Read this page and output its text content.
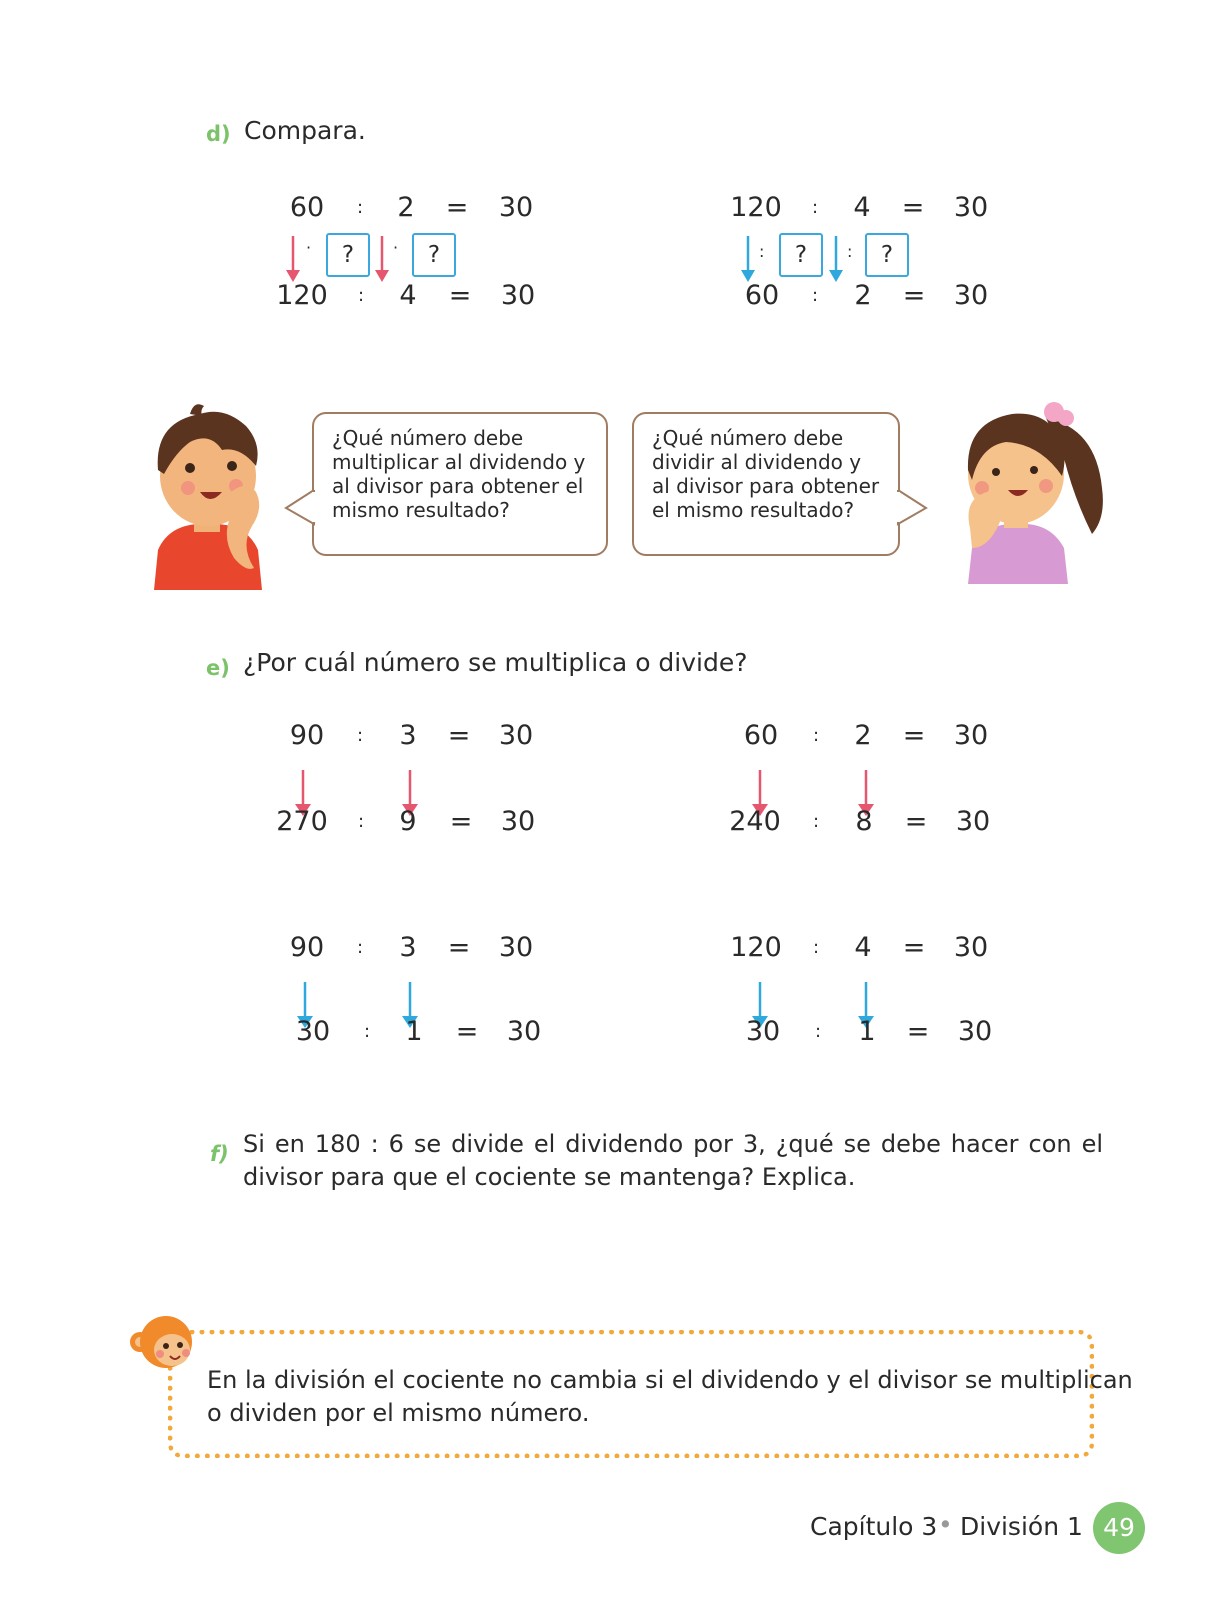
d) Compara.
60	: 2 = 30
·	?	·	?
120	: 4 = 30
120	: 4 = 30
:	?	:	?
60	: 2 = 30
¿Qué número debe
multiplicar al dividendo y
al divisor para obtener el
mismo resultado?
¿Qué número debe
dividir al dividendo y
al divisor para obtener
el mismo resultado?
e) ¿Por cuál número se multiplica o divide?
90	: 3 = 30
270	: 9 = 30
60	: 2 = 30
240	: 8 = 30
90	: 3 = 30
30	: 1 = 30
120	: 4 = 30
30	: 1 = 30
f) Si en 180 : 6 se divide el dividendo por 3, ¿qué se debe hacer con el
divisor para que el cociente se mantenga? Explica.
En la división el cociente no cambia si el dividendo y el divisor se multiplican
o dividen por el mismo número.
Capítulo 3 • División 1 49
